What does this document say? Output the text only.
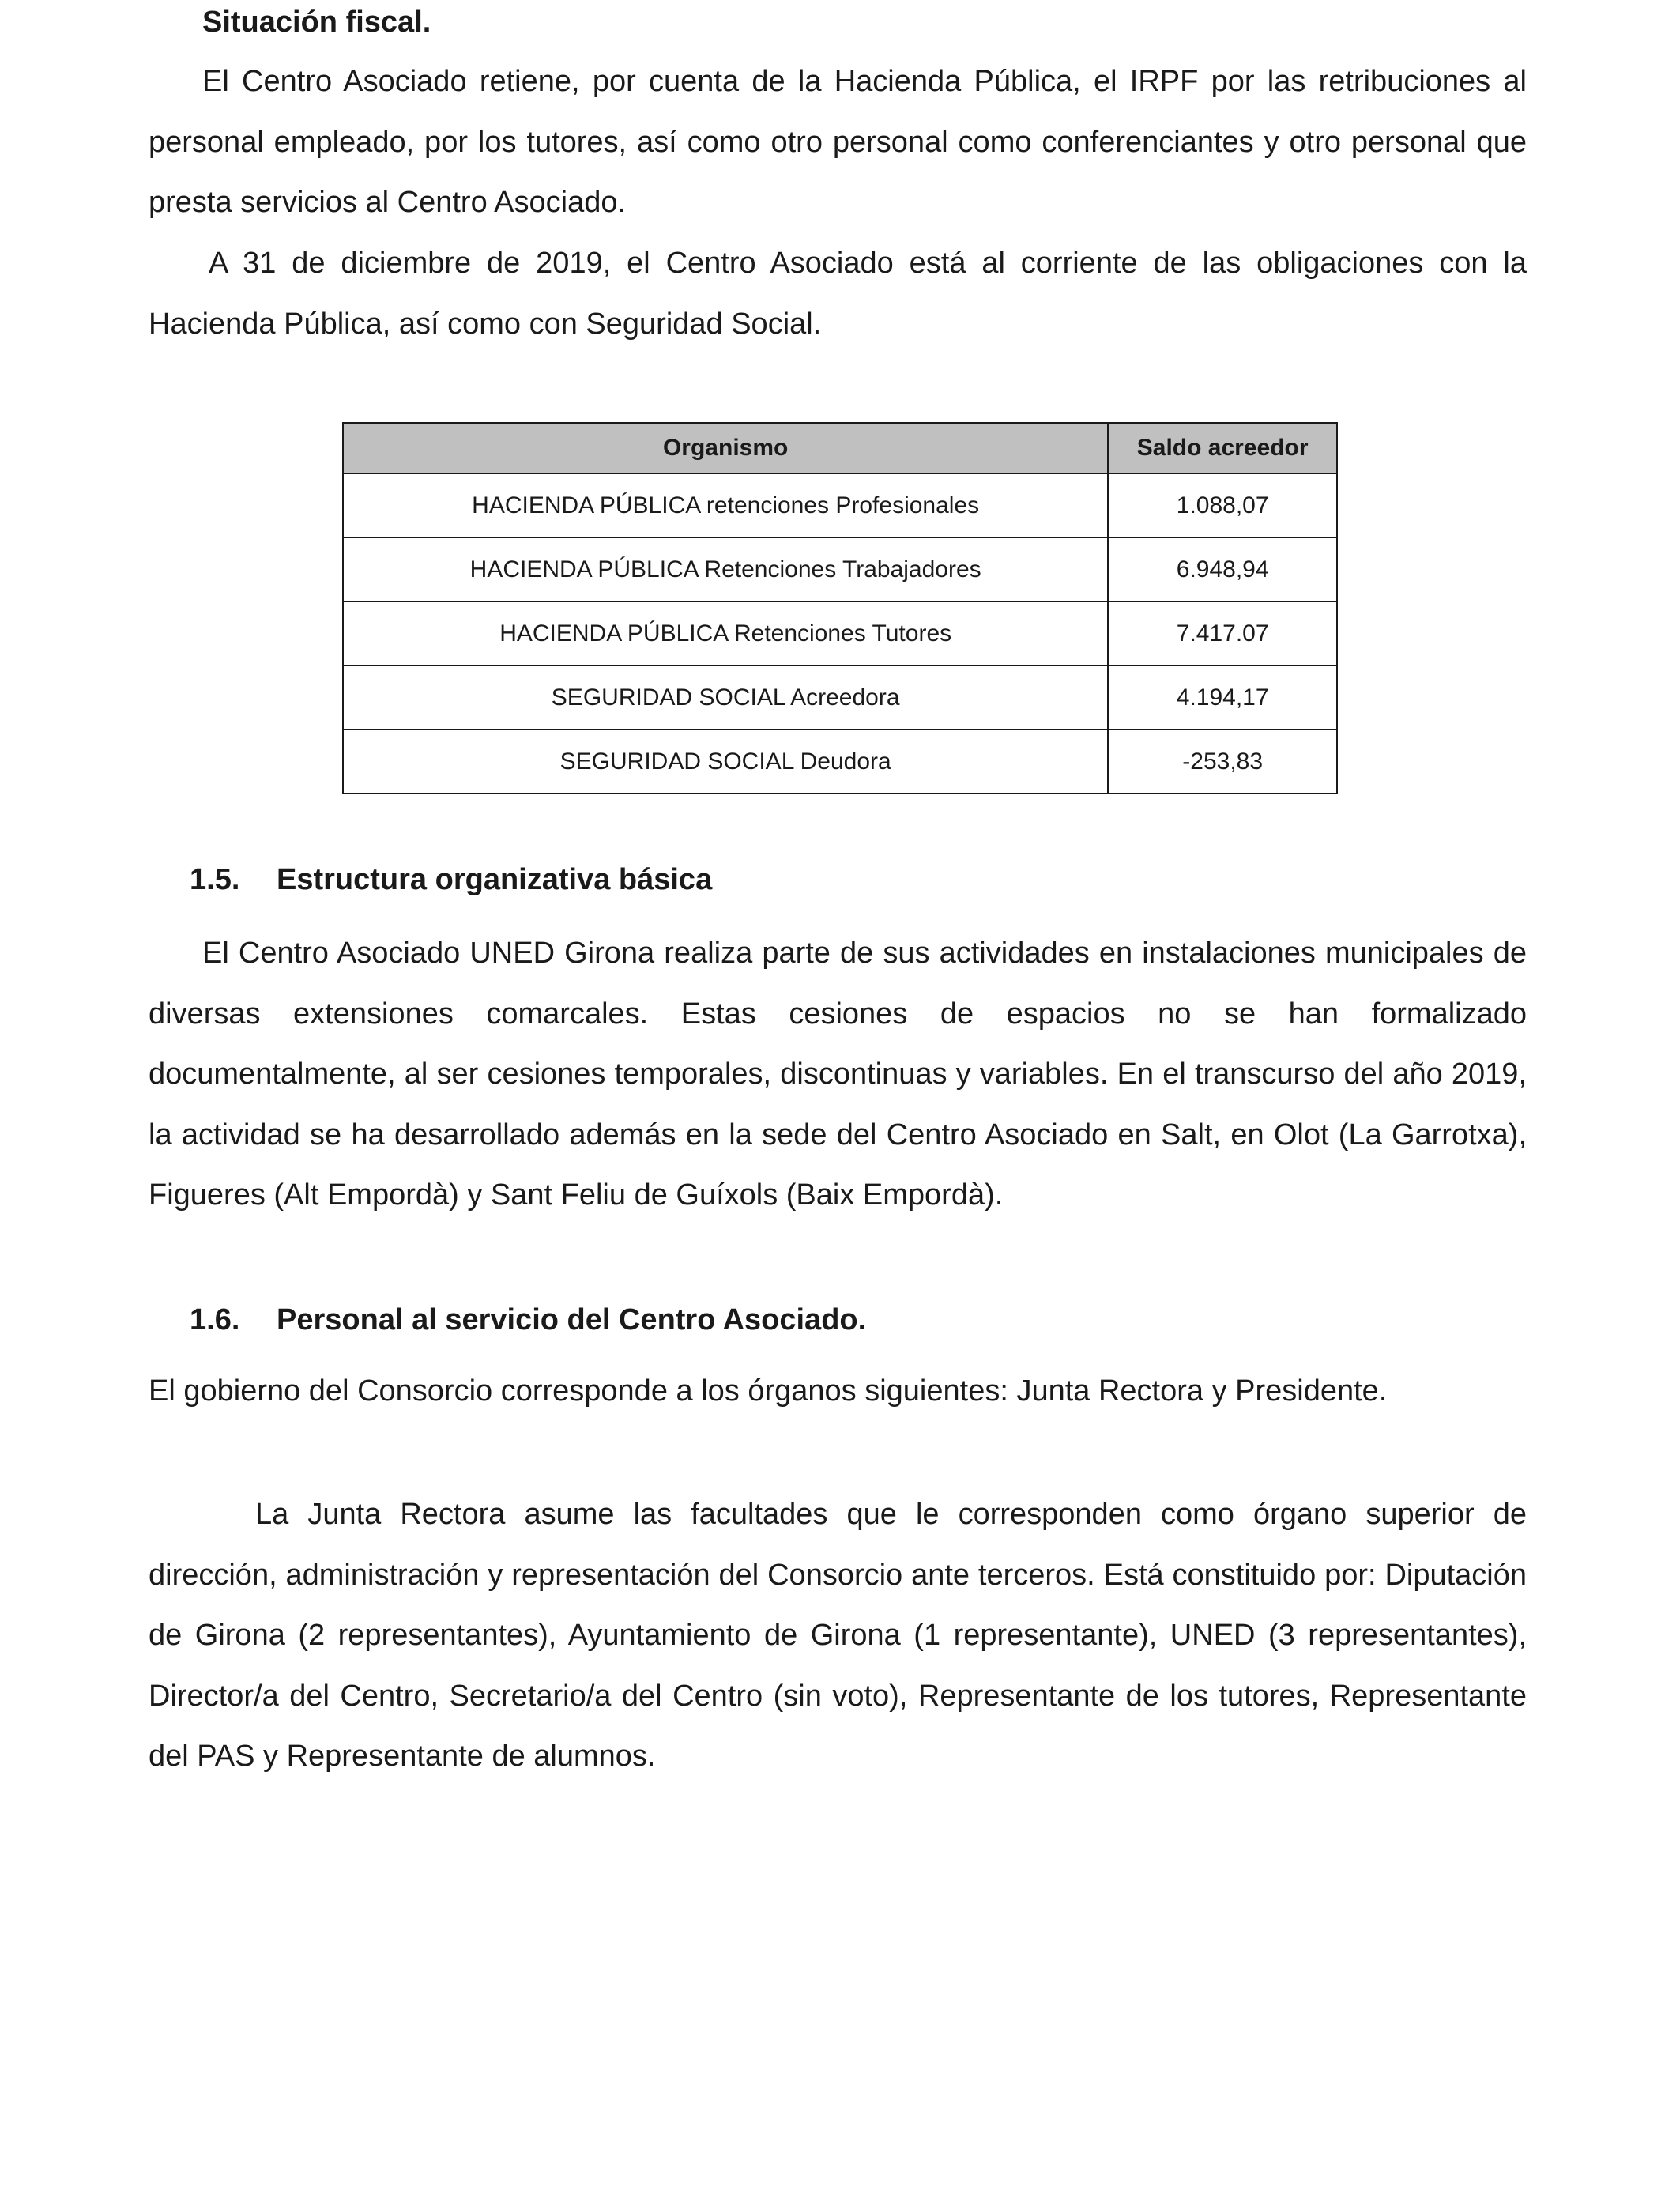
Situación fiscal.

El Centro Asociado retiene, por cuenta de la Hacienda Pública, el IRPF por las retribuciones al personal empleado, por los tutores, así como otro personal como conferenciantes y otro personal que presta servicios al Centro Asociado.

A 31 de diciembre de 2019, el Centro Asociado está al corriente de las obligaciones con la Hacienda Pública, así como con Seguridad Social.

Organismo	Saldo acreedor
HACIENDA PÚBLICA retenciones Profesionales	1.088,07
HACIENDA PÚBLICA Retenciones Trabajadores	6.948,94
HACIENDA PÚBLICA Retenciones Tutores	7.417.07
SEGURIDAD SOCIAL Acreedora	4.194,17
SEGURIDAD SOCIAL Deudora	-253,83
1.5. Estructura organizativa básica

El Centro Asociado UNED Girona realiza parte de sus actividades en instalaciones municipales de diversas extensiones comarcales. Estas cesiones de espacios no se han formalizado documentalmente, al ser cesiones temporales, discontinuas y variables. En el transcurso del año 2019, la actividad se ha desarrollado además en la sede del Centro Asociado en Salt, en Olot (La Garrotxa), Figueres (Alt Empordà) y Sant Feliu de Guíxols (Baix Empordà).

1.6. Personal al servicio del Centro Asociado.

El gobierno del Consorcio corresponde a los órganos siguientes: Junta Rectora y Presidente.

La Junta Rectora asume las facultades que le corresponden como órgano superior de dirección, administración y representación del Consorcio ante terceros. Está constituido por: Diputación de Girona (2 representantes), Ayuntamiento de Girona (1 representante), UNED (3 representantes), Director/a del Centro, Secretario/a del Centro (sin voto), Representante de los tutores, Representante del PAS y Representante de alumnos.
